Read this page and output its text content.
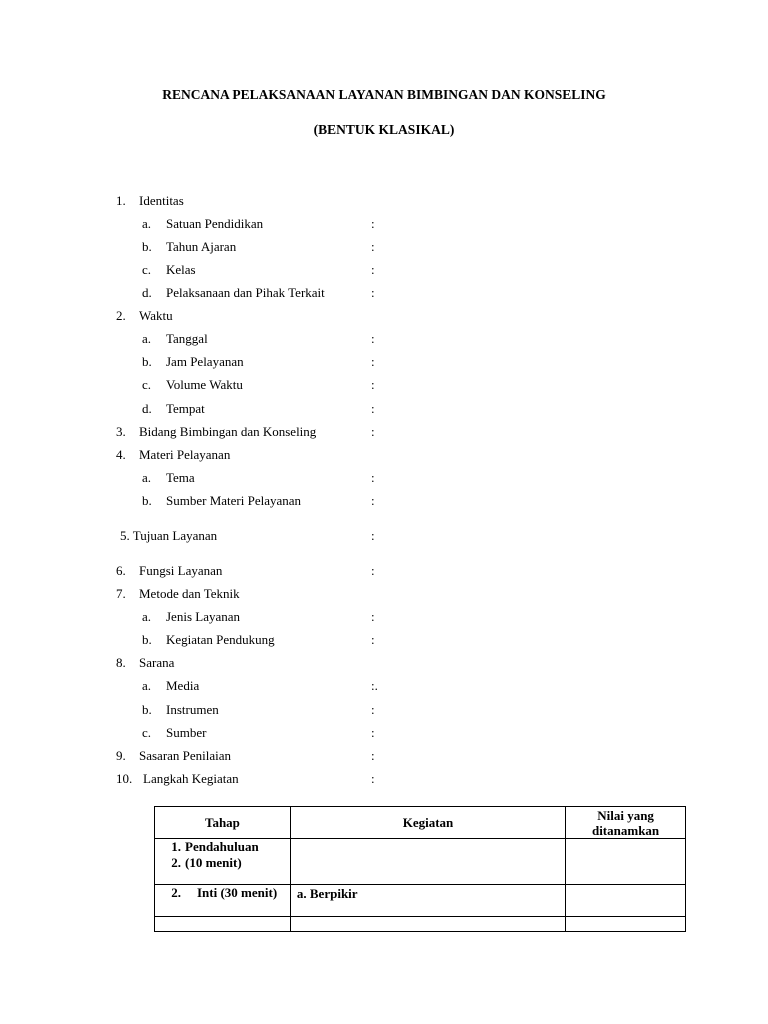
RENCANA PELAKSANAAN LAYANAN BIMBINGAN DAN KONSELING
(BENTUK KLASIKAL)
1. Identitas
a. Satuan Pendidikan	:
b. Tahun Ajaran	:
c. Kelas	:
d. Pelaksanaan dan Pihak Terkait	:
2. Waktu
a. Tanggal	:
b. Jam Pelayanan	:
c. Volume Waktu	:
d. Tempat	:
3. Bidang Bimbingan dan Konseling	:
4. Materi Pelayanan
a. Tema	:
b. Sumber Materi Pelayanan	:
5. Tujuan Layanan	:
6. Fungsi Layanan	:
7. Metode dan Teknik
a. Jenis Layanan	:
b. Kegiatan Pendukung	:
8. Sarana
a. Media	:.
b. Instrumen	:
c. Sumber	:
9. Sasaran Penilaian	:
10. Langkah Kegiatan	:
Tahap	Kegiatan	Nilai yang ditanamkan

1. Pendahuluan
2. (10 menit)		

2. Inti (30 menit)	a. Berpikir	
